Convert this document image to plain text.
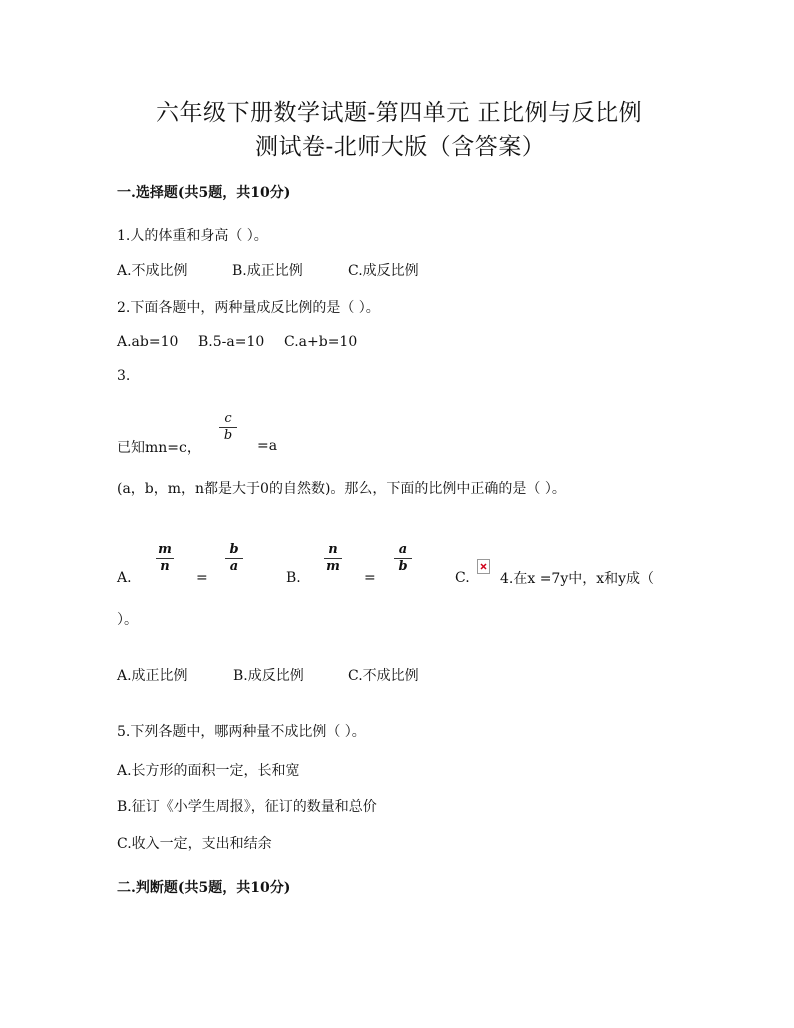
六年级下册数学试题-第四单元 正比例与反比例
测试卷-北师大版（含答案）
一.选择题(共5题，共10分)
1.人的体重和身高（ ）。
A.不成比例	B.成正比例	C.成反比例
2.下面各题中，两种量成反比例的是（ ）。
A.ab=10 B.5-a=10 C.a+b=10
3.
c
b
已知mn=c，	=a
(a，b，m，n都是大于0的自然数)。那么，下面的比例中正确的是（ ）。
m
n
b
a
n
m
a
b
A.	=	B.	=	C. 4.在x =7y中，x和y成（
）。
A.成正比例	B.成反比例	C.不成比例
5.下列各题中，哪两种量不成比例（ ）。
A.长方形的面积一定，长和宽
B.征订《小学生周报》，征订的数量和总价
C.收入一定，支出和结余
二.判断题(共5题，共10分)
